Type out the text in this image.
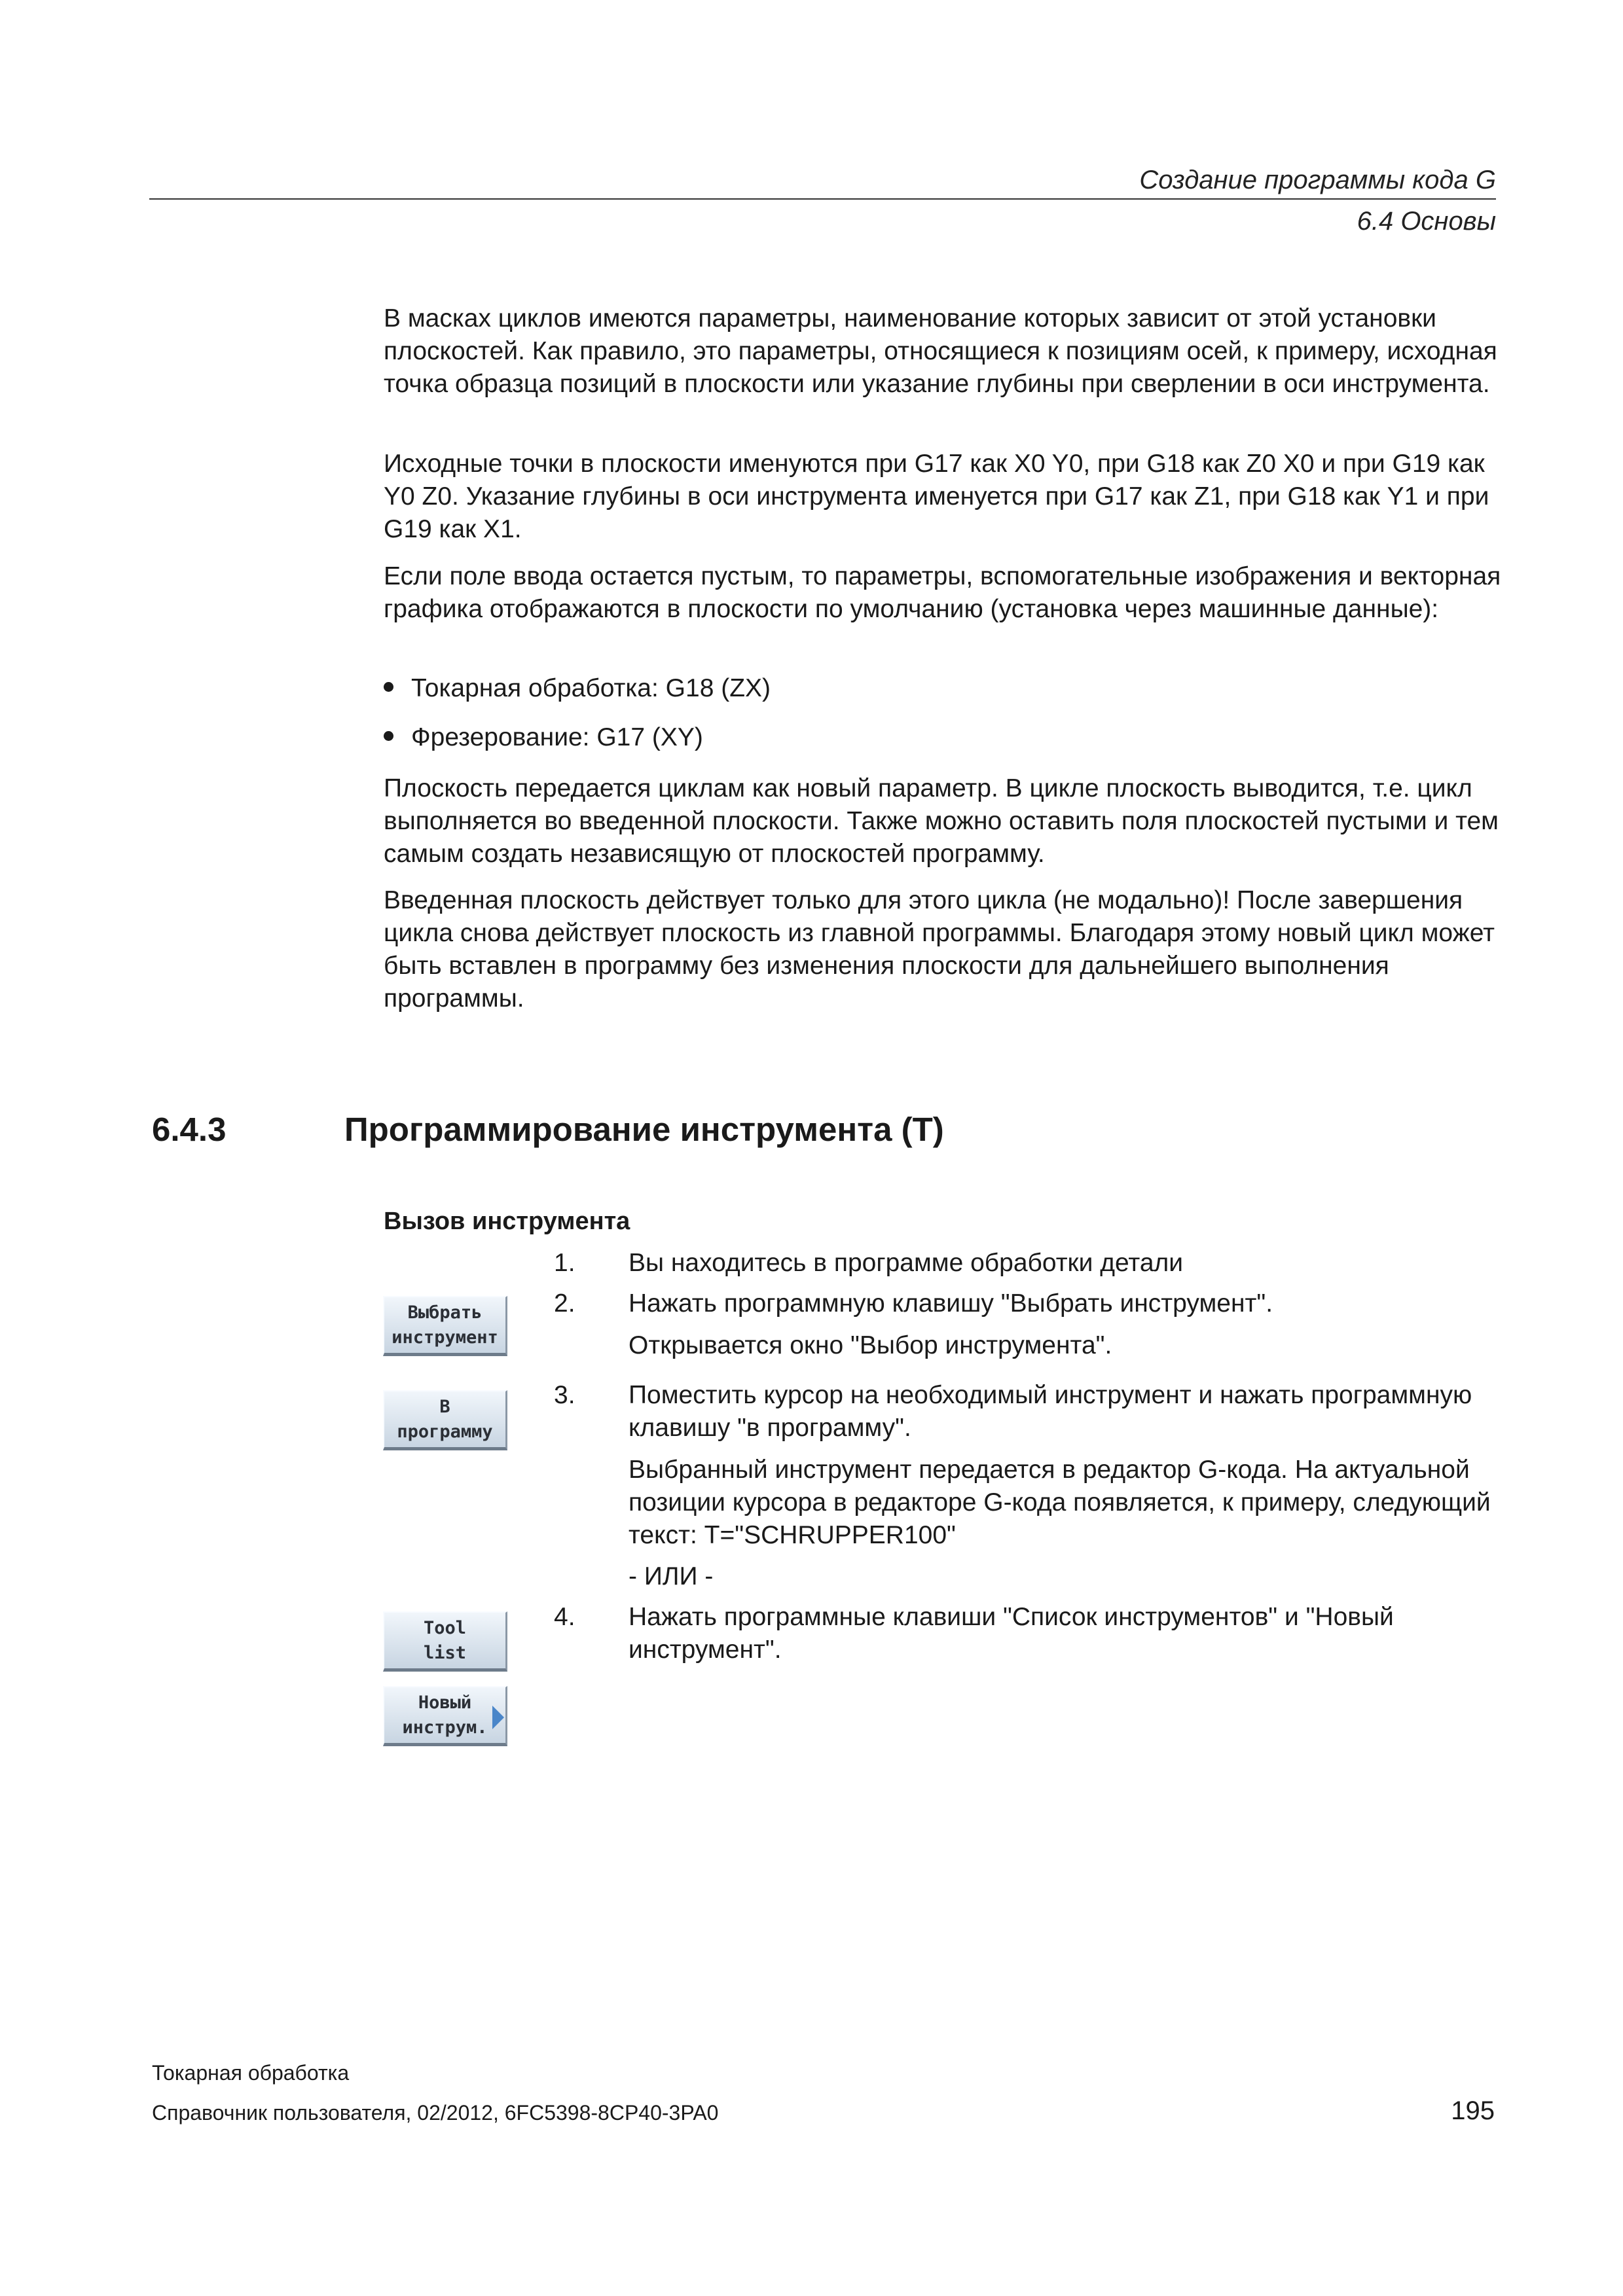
Создание программы кода G
6.4 Основы
В масках циклов имеются параметры, наименование которых зависит от этой установки плоскостей. Как правило, это параметры, относящиеся к позициям осей, к примеру, исходная точка образца позиций в плоскости или указание глубины при сверлении в оси инструмента.
Исходные точки в плоскости именуются при G17 как X0 Y0, при G18 как Z0 X0 и при G19 как Y0 Z0. Указание глубины в оси инструмента именуется при G17 как Z1, при G18 как Y1 и при G19 как X1.
Если поле ввода остается пустым, то параметры, вспомогательные изображения и векторная графика отображаются в плоскости по умолчанию (установка через машинные данные):
Токарная обработка: G18 (ZX)
Фрезерование: G17 (XY)
Плоскость передается циклам как новый параметр. В цикле плоскость выводится, т.е. цикл выполняется во введенной плоскости. Также можно оставить поля плоскостей пустыми и тем самым создать независящую от плоскостей программу.
Введенная плоскость действует только для этого цикла (не модально)! После завершения цикла снова действует плоскость из главной программы. Благодаря этому новый цикл может быть вставлен в программу без изменения плоскости для дальнейшего выполнения программы.
6.4.3	Программирование инструмента (T)
Вызов инструмента
1. Вы находитесь в программе обработки детали
2. Нажать программную клавишу "Выбрать инструмент".
Открывается окно "Выбор инструмента".
3. Поместить курсор на необходимый инструмент и нажать программную клавишу "в программу".
Выбранный инструмент передается в редактор G-кода. На актуальной позиции курсора в редакторе G-кода появляется, к примеру, следующий текст: T="SCHRUPPER100"
- ИЛИ -
4. Нажать программные клавиши "Список инструментов" и "Новый инструмент".
Выбрать
инструмент
В
программу
Tool
list
Новый
инструм.
Токарная обработка
Справочник пользователя, 02/2012, 6FC5398-8CP40-3PA0	195
